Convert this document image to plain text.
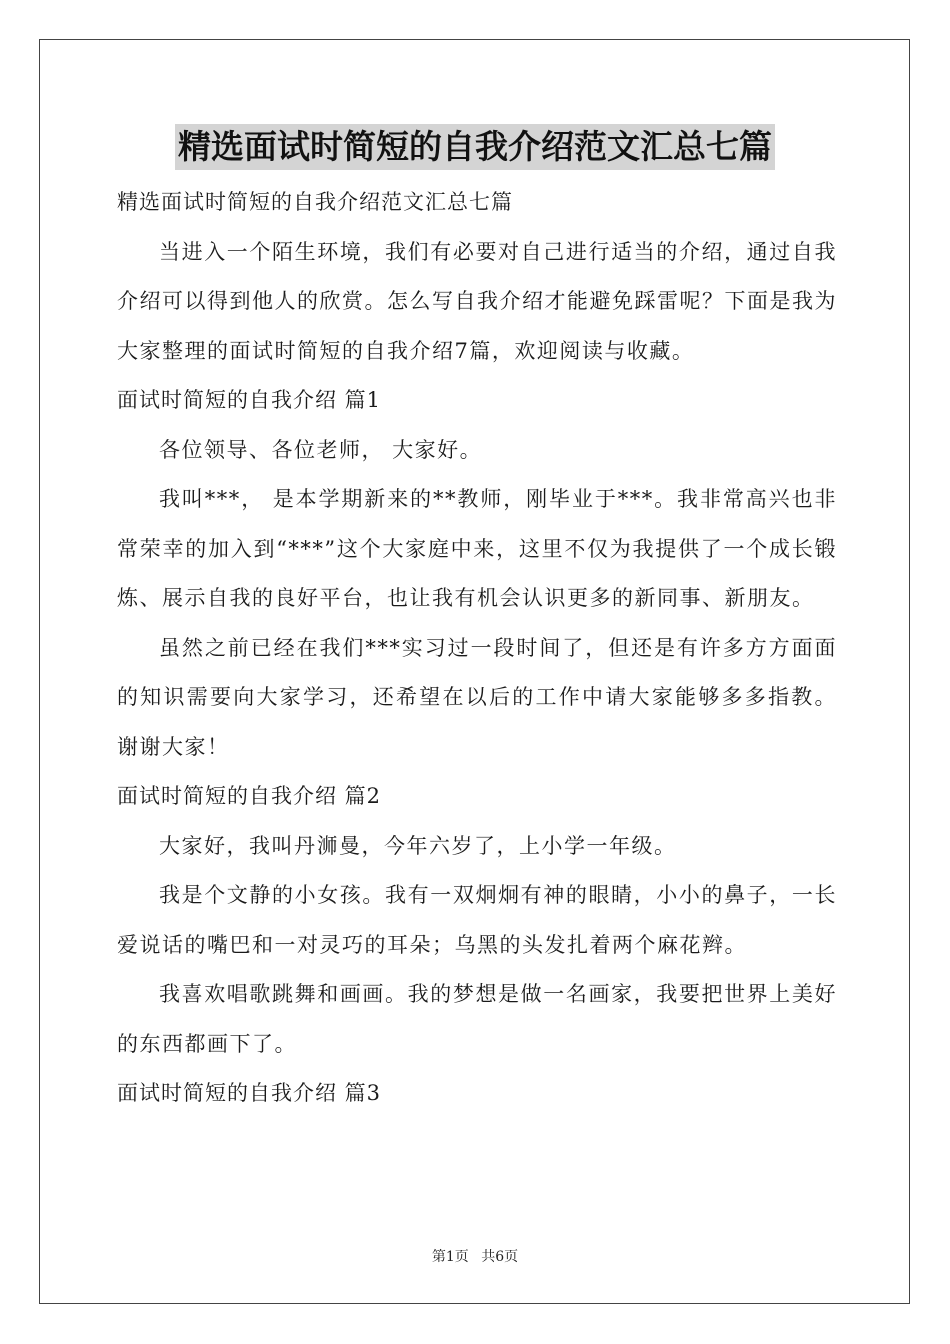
精选面试时简短的自我介绍范文汇总七篇

精选面试时简短的自我介绍范文汇总七篇

当进入一个陌生环境，我们有必要对自己进行适当的介绍，通过自我介绍可以得到他人的欣赏。怎么写自我介绍才能避免踩雷呢？下面是我为大家整理的面试时简短的自我介绍7篇，欢迎阅读与收藏。

面试时简短的自我介绍 篇1

各位领导、各位老师， 大家好。

我叫***， 是本学期新来的**教师，刚毕业于***。我非常高兴也非常荣幸的加入到“***”这个大家庭中来，这里不仅为我提供了一个成长锻炼、展示自我的良好平台，也让我有机会认识更多的新同事、新朋友。

虽然之前已经在我们***实习过一段时间了，但还是有许多方方面面的知识需要向大家学习，还希望在以后的工作中请大家能够多多指教。 谢谢大家！

面试时简短的自我介绍 篇2

大家好，我叫丹浉曼，今年六岁了，上小学一年级。

我是个文静的小女孩。我有一双炯炯有神的眼睛，小小的鼻子，一长爱说话的嘴巴和一对灵巧的耳朵；乌黑的头发扎着两个麻花辫。

我喜欢唱歌跳舞和画画。我的梦想是做一名画家，我要把世界上美好的东西都画下了。

面试时简短的自我介绍 篇3

第1页 共6页
